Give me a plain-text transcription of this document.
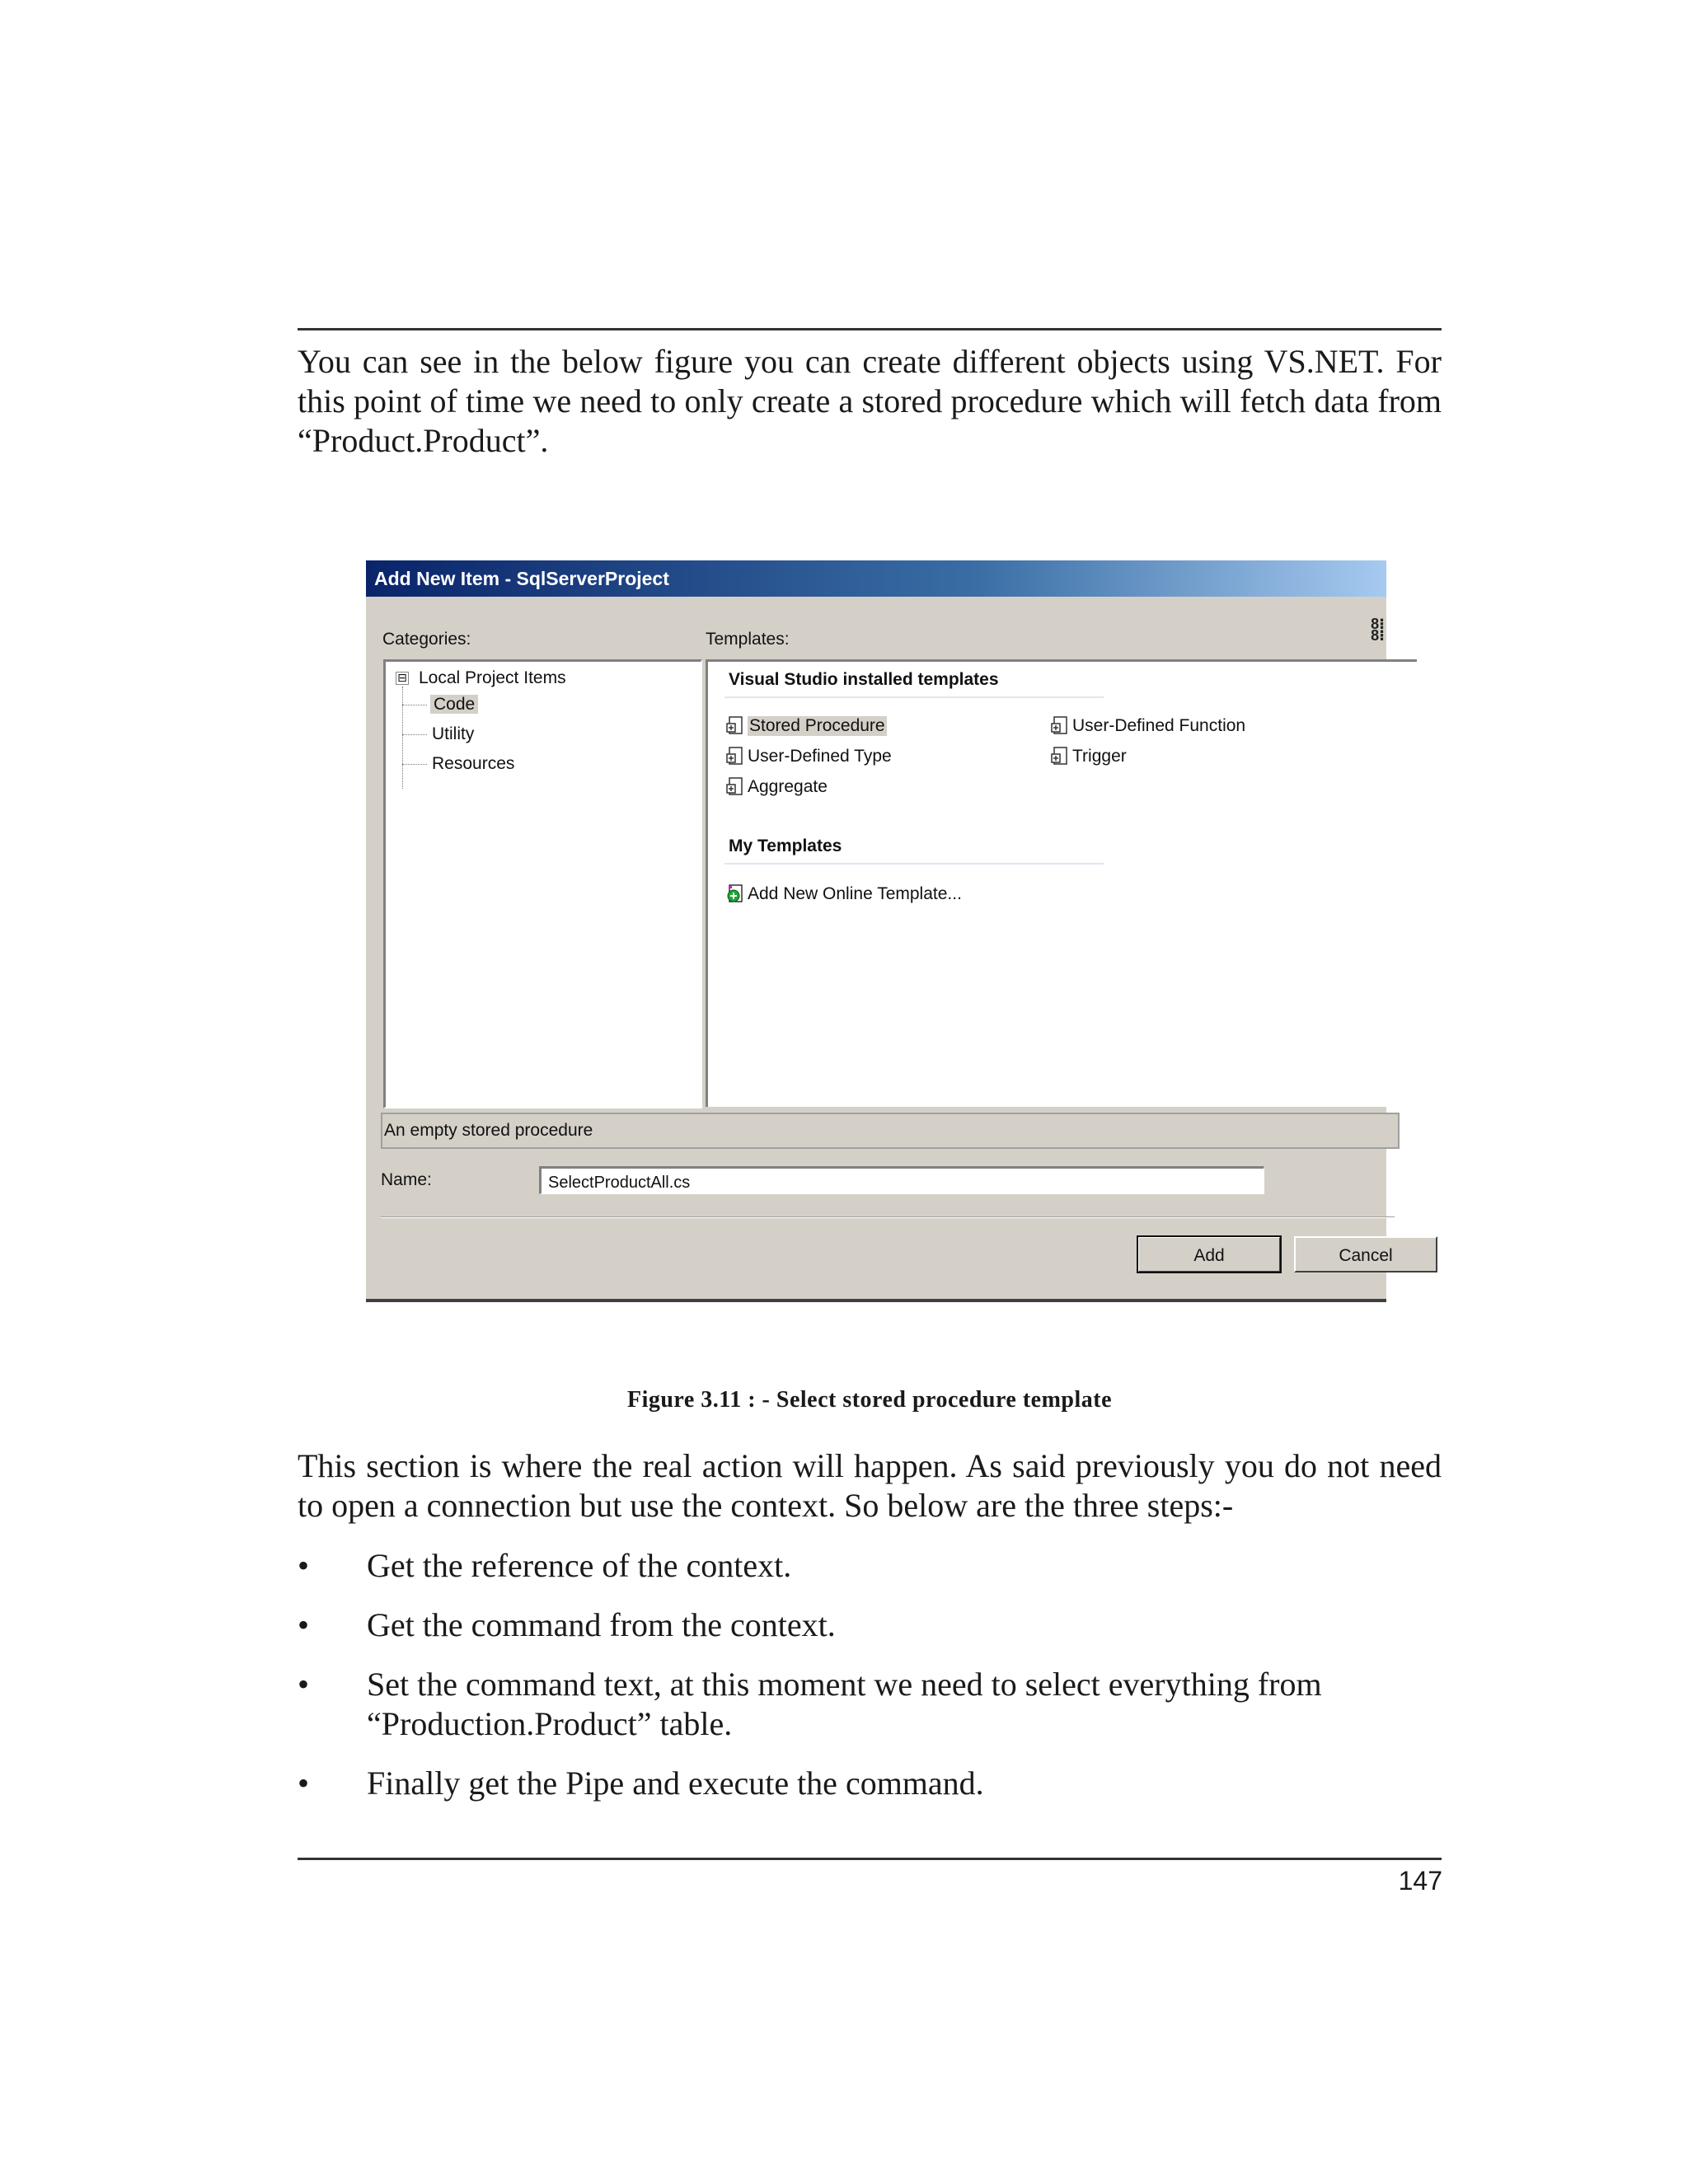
You can see in the below figure you can create different objects using VS.NET. For this point of time we need to only create a stored procedure which will fetch data from “Product.Product”.

Add New Item - SqlServerProject
8⁝
8⁝
Categories:	Templates:
⊟ Local Project Items
Code
Utility
Resources
Visual Studio installed templates
Stored Procedure
User-Defined Type
Aggregate
User-Defined Function
Trigger
My Templates
Add New Online Template...
An empty stored procedure
Name:	SelectProductAll.cs
Add	Cancel
Figure 3.11 : - Select stored procedure template

This section is where the real action will happen. As said previously you do not need to open a connection but use the context. So below are the three steps:-

• Get the reference of the context.
• Get the command from the context.
• Set the command text, at this moment we need to select everything from “Production.Product” table.
• Finally get the Pipe and execute the command.
147
